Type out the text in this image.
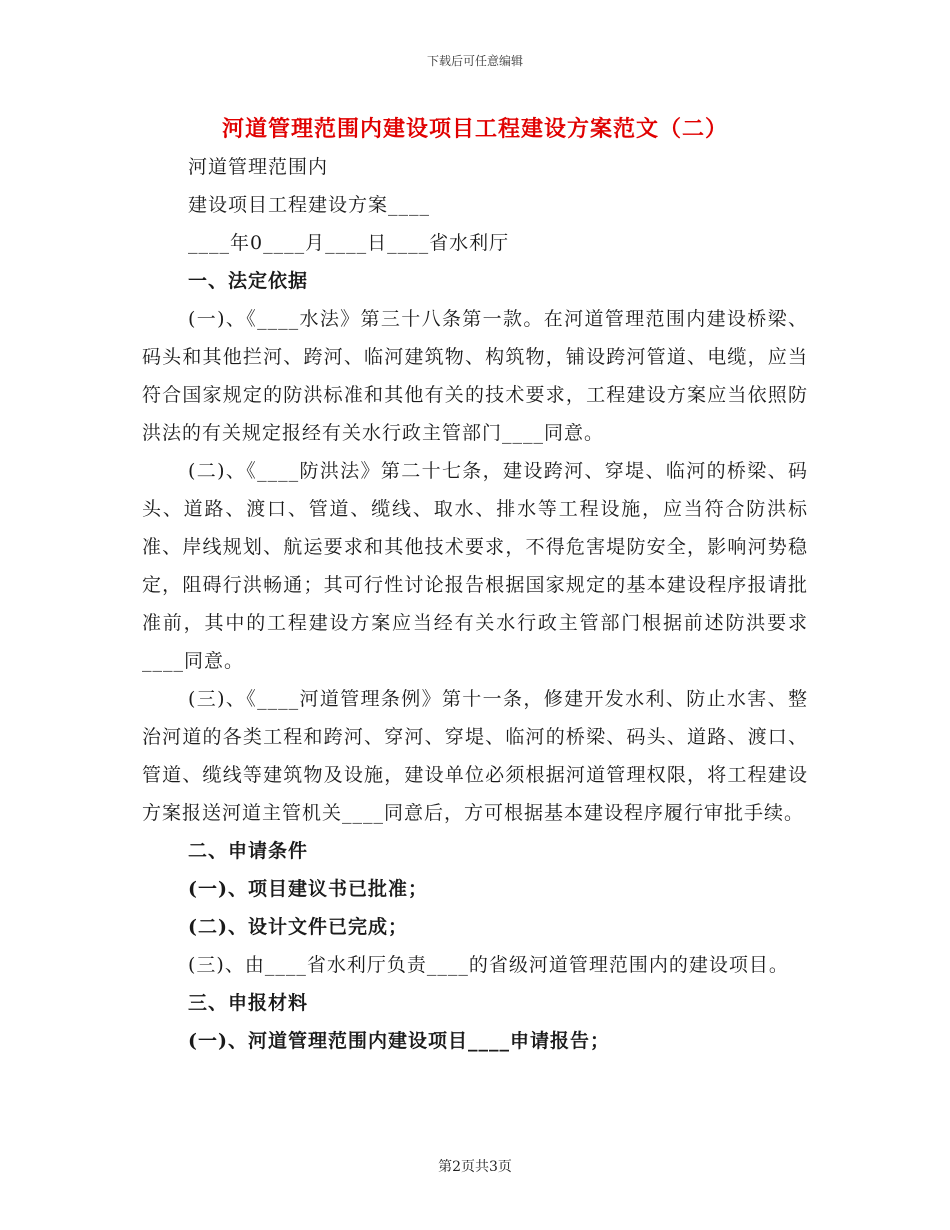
下载后可任意编辑
河道管理范围内建设项目工程建设方案范文（二）

河道管理范围内

建设项目工程建设方案____

____年0____月____日____省水利厅

一、法定依据

(一)、《____水法》第三十八条第一款。在河道管理范围内建设桥梁、码头和其他拦河、跨河、临河建筑物、构筑物，铺设跨河管道、电缆，应当符合国家规定的防洪标准和其他有关的技术要求，工程建设方案应当依照防洪法的有关规定报经有关水行政主管部门____同意。

(二)、《____防洪法》第二十七条，建设跨河、穿堤、临河的桥梁、码头、道路、渡口、管道、缆线、取水、排水等工程设施，应当符合防洪标准、岸线规划、航运要求和其他技术要求，不得危害堤防安全，影响河势稳定，阻碍行洪畅通；其可行性讨论报告根据国家规定的基本建设程序报请批准前，其中的工程建设方案应当经有关水行政主管部门根据前述防洪要求____同意。

(三)、《____河道管理条例》第十一条，修建开发水利、防止水害、整治河道的各类工程和跨河、穿河、穿堤、临河的桥梁、码头、道路、渡口、管道、缆线等建筑物及设施，建设单位必须根据河道管理权限，将工程建设方案报送河道主管机关____同意后，方可根据基本建设程序履行审批手续。

二、申请条件

(一)、项目建议书已批准；

(二)、设计文件已完成；

(三)、由____省水利厅负责____的省级河道管理范围内的建设项目。

三、申报材料

(一)、河道管理范围内建设项目____申请报告；

第2页共3页
